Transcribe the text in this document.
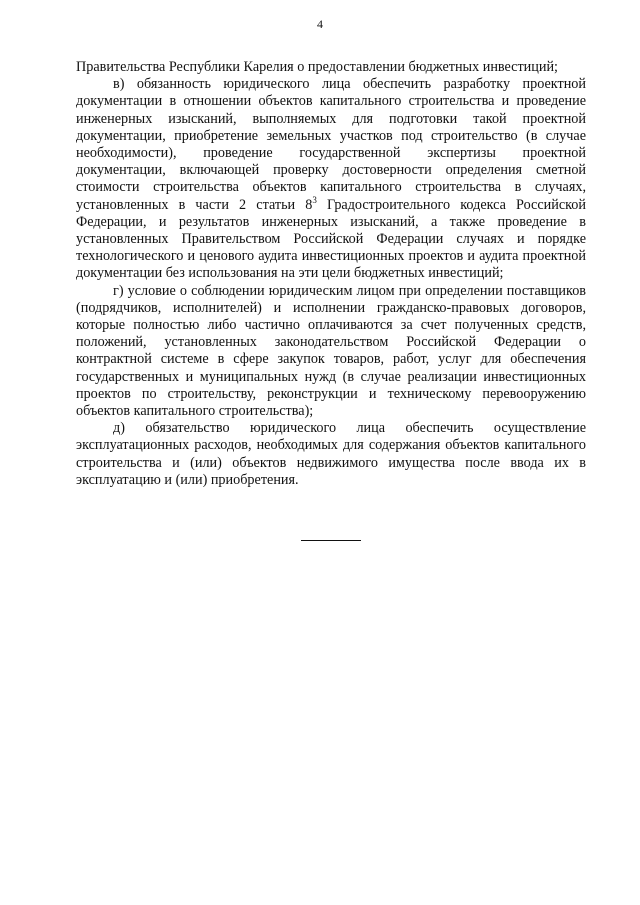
4

Правительства Республики Карелия о предоставлении бюджетных инвестиций;

в) обязанность юридического лица обеспечить разработку проектной документации в отношении объектов капитального строительства и проведение инженерных изысканий, выполняемых для подготовки такой проектной документации, приобретение земельных участков под строительство (в случае необходимости), проведение государственной экспертизы проектной документации, включающей проверку достоверности определения сметной стоимости строительства объектов капитального строительства в случаях, установленных в части 2 статьи $8^3$ Градостроительного кодекса Российской Федерации, и результатов инженерных изысканий, а также проведение в установленных Правительством Российской Федерации случаях и порядке технологического и ценового аудита инвестиционных проектов и аудита проектной документации без использования на эти цели бюджетных инвестиций;

г) условие о соблюдении юридическим лицом при определении поставщиков (подрядчиков, исполнителей) и исполнении гражданско-правовых договоров, которые полностью либо частично оплачиваются за счет полученных средств, положений, установленных законодательством Российской Федерации о контрактной системе в сфере закупок товаров, работ, услуг для обеспечения государственных и муниципальных нужд (в случае реализации инвестиционных проектов по строительству, реконструкции и техническому перевооружению объектов капитального строительства);

д) обязательство юридического лица обеспечить осуществление эксплуатационных расходов, необходимых для содержания объектов капитального строительства и (или) объектов недвижимого имущества после ввода их в эксплуатацию и (или) приобретения.
